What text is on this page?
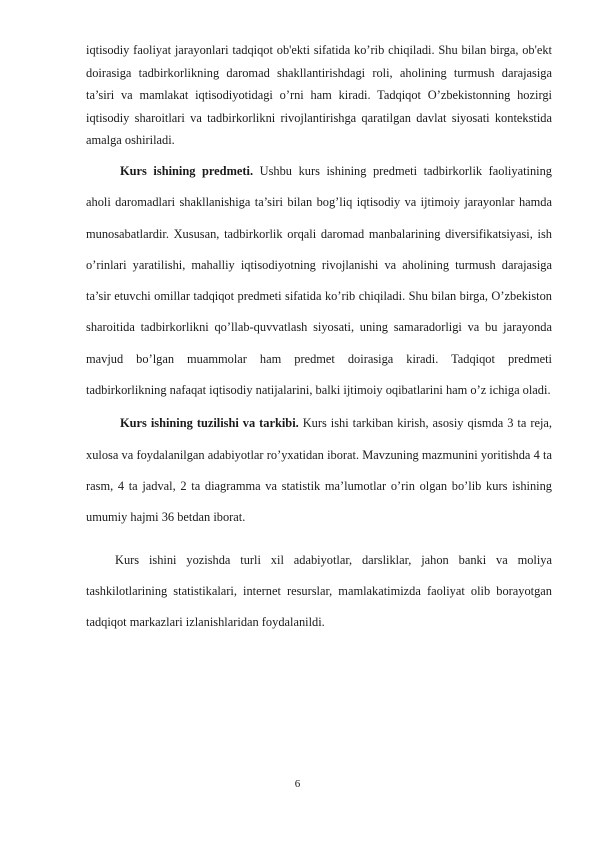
iqtisodiy faoliyat jarayonlari tadqiqot ob'ekti sifatida ko’rib chiqiladi. Shu bilan birga, ob'ekt doirasiga tadbirkorlikning daromad shakllantirishdagi roli, aholining turmush darajasiga ta’siri va mamlakat iqtisodiyotidagi o’rni ham kiradi. Tadqiqot O’zbekistonning hozirgi iqtisodiy sharoitlari va tadbirkorlikni rivojlantirishga qaratilgan davlat siyosati kontekstida amalga oshiriladi.

Kurs ishining predmeti. Ushbu kurs ishining predmeti tadbirkorlik faoliyatining aholi daromadlari shakllanishiga ta’siri bilan bog’liq iqtisodiy va ijtimoiy jarayonlar hamda munosabatlardir. Xususan, tadbirkorlik orqali daromad manbalarining diversifikatsiyasi, ish o’rinlari yaratilishi, mahalliy iqtisodiyotning rivojlanishi va aholining turmush darajasiga ta’sir etuvchi omillar tadqiqot predmeti sifatida ko’rib chiqiladi. Shu bilan birga, O’zbekiston sharoitida tadbirkorlikni qo’llab-quvvatlash siyosati, uning samaradorligi va bu jarayonda mavjud bo’lgan muammolar ham predmet doirasiga kiradi. Tadqiqot predmeti tadbirkorlikning nafaqat iqtisodiy natijalarini, balki ijtimoiy oqibatlarini ham o’z ichiga oladi.

Kurs ishining tuzilishi va tarkibi. Kurs ishi tarkiban kirish, asosiy qismda 3 ta reja, xulosa va foydalanilgan adabiyotlar ro’yxatidan iborat. Mavzuning mazmunini yoritishda 4 ta rasm, 4 ta jadval, 2 ta diagramma va statistik ma’lumotlar o’rin olgan bo’lib kurs ishining umumiy hajmi 36 betdan iborat.

Kurs ishini yozishda turli xil adabiyotlar, darsliklar, jahon banki va moliya tashkilotlarining statistikalari, internet resurslar, mamlakatimizda faoliyat olib borayotgan tadqiqot markazlari izlanishlaridan foydalanildi.

6
